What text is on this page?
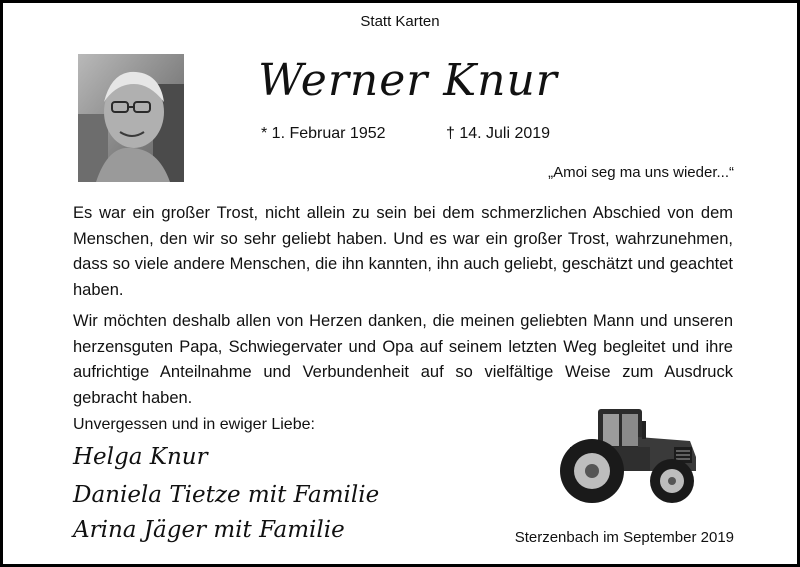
Statt Karten
Werner Knur
* 1. Februar 1952	† 14. Juli 2019
„Amoi seg ma uns wieder...“

Es war ein großer Trost, nicht allein zu sein bei dem schmerzlichen Abschied von dem Menschen, den wir so sehr geliebt haben. Und es war ein großer Trost, wahrzunehmen, dass so viele andere Menschen, die ihn kannten, ihn auch geliebt, geschätzt und geachtet haben.

Wir möchten deshalb allen von Herzen danken, die meinen geliebten Mann und unseren herzensguten Papa, Schwiegervater und Opa auf seinem letzten Weg begleitet und ihre aufrichtige Anteilnahme und Verbundenheit auf so vielfältige Weise zum Ausdruck gebracht haben.

Unvergessen und in ewiger Liebe:
Helga Knur
Daniela Tietze mit Familie
Arina Jäger mit Familie	Sterzenbach im September 2019
